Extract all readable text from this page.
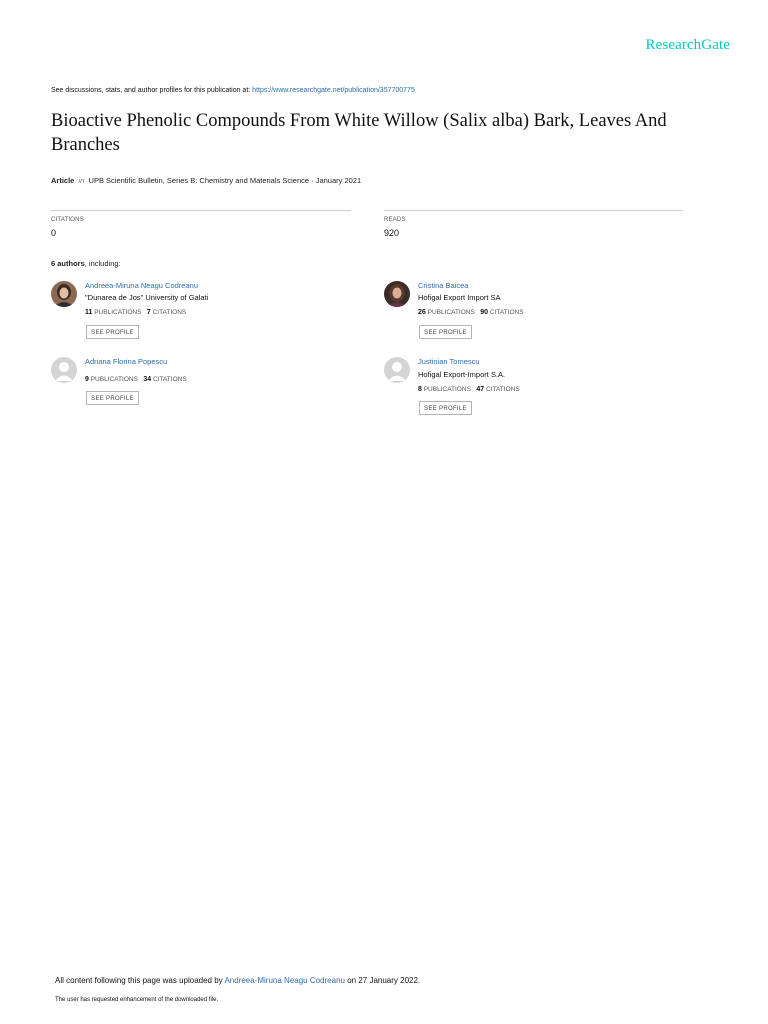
ResearchGate
See discussions, stats, and author profiles for this publication at: https://www.researchgate.net/publication/357700775
Bioactive Phenolic Compounds From White Willow (Salix alba) Bark, Leaves And Branches
Article in UPB Scientific Bulletin, Series B: Chemistry and Materials Science · January 2021
CITATIONS
0
READS
920
6 authors, including:
Andreea-Miruna Neagu Codreanu
"Dunarea de Jos" University of Galati
11 PUBLICATIONS 7 CITATIONS
SEE PROFILE
Cristina Baicea
Hofigal Export Import SA
26 PUBLICATIONS 90 CITATIONS
SEE PROFILE
Adriana Florina Popescu
9 PUBLICATIONS 34 CITATIONS
SEE PROFILE
Justinian Tomescu
Hofigal Export-Import S.A.
8 PUBLICATIONS 47 CITATIONS
SEE PROFILE
All content following this page was uploaded by Andreea-Miruna Neagu Codreanu on 27 January 2022.
The user has requested enhancement of the downloaded file.
